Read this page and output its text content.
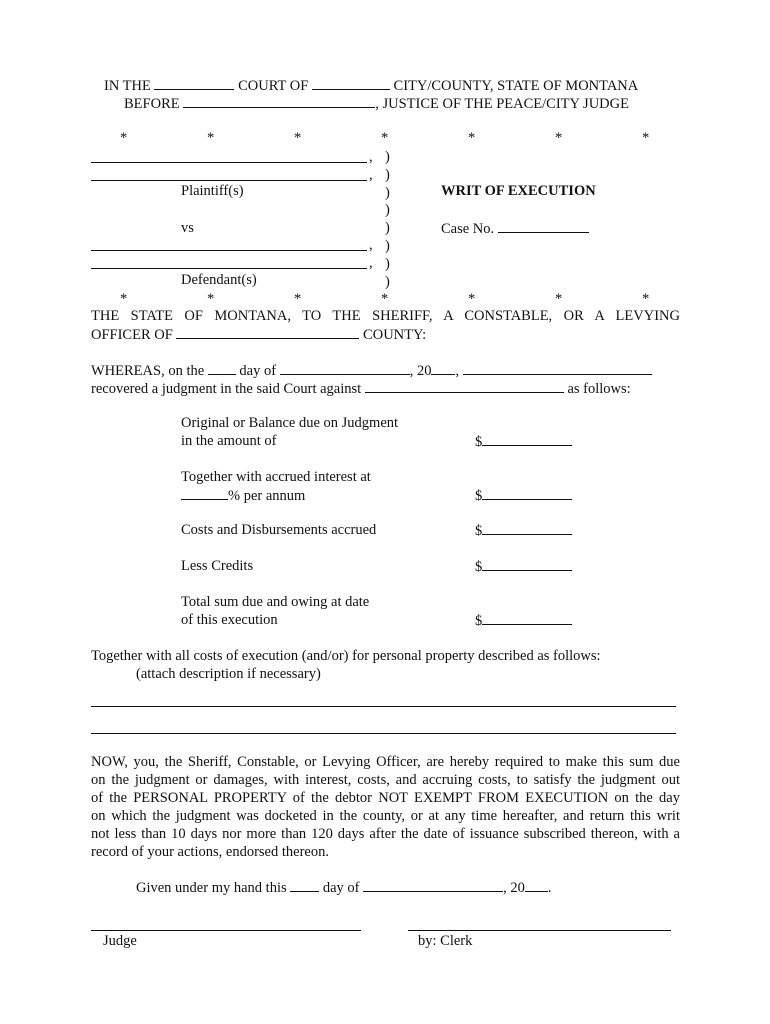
IN THE	COURT OF	CITY/COUNTY, STATE OF MONTANA
BEFORE	, JUSTICE OF THE PEACE/CITY JUDGE
*	*	*	*	*	*	*
,
,
Plaintiff(s)
vs
,
,
Defendant(s)
)
)
)
)
)
)
)
)
WRIT OF EXECUTION
Case No.
*	*	*	*	*	*	*
THE STATE OF MONTANA, TO THE SHERIFF, A CONSTABLE, OR A LEVYING
OFFICER OF	COUNTY:
WHEREAS, on the day of	, 20 ,
recovered a judgment in the said Court against	as follows:
Original or Balance due on Judgment
in the amount of	$
Together with accrued interest at
% per annum	$
Costs and Disbursements accrued	$
Less Credits	$
Total sum due and owing at date
of this execution	$
Together with all costs of execution (and/or) for personal property described as follows:
(attach description if necessary)
NOW, you, the Sheriff, Constable, or Levying Officer, are hereby required to make this sum due
on the judgment or damages, with interest, costs, and accruing costs, to satisfy the judgment out
of the PERSONAL PROPERTY of the debtor NOT EXEMPT FROM EXECUTION on the day
on which the judgment was docketed in the county, or at any time hereafter, and return this writ
not less than 10 days nor more than 120 days after the date of issuance subscribed thereon, with a
record of your actions, endorsed thereon.
Given under my hand this	day of	, 20 .
Judge	by: Clerk
